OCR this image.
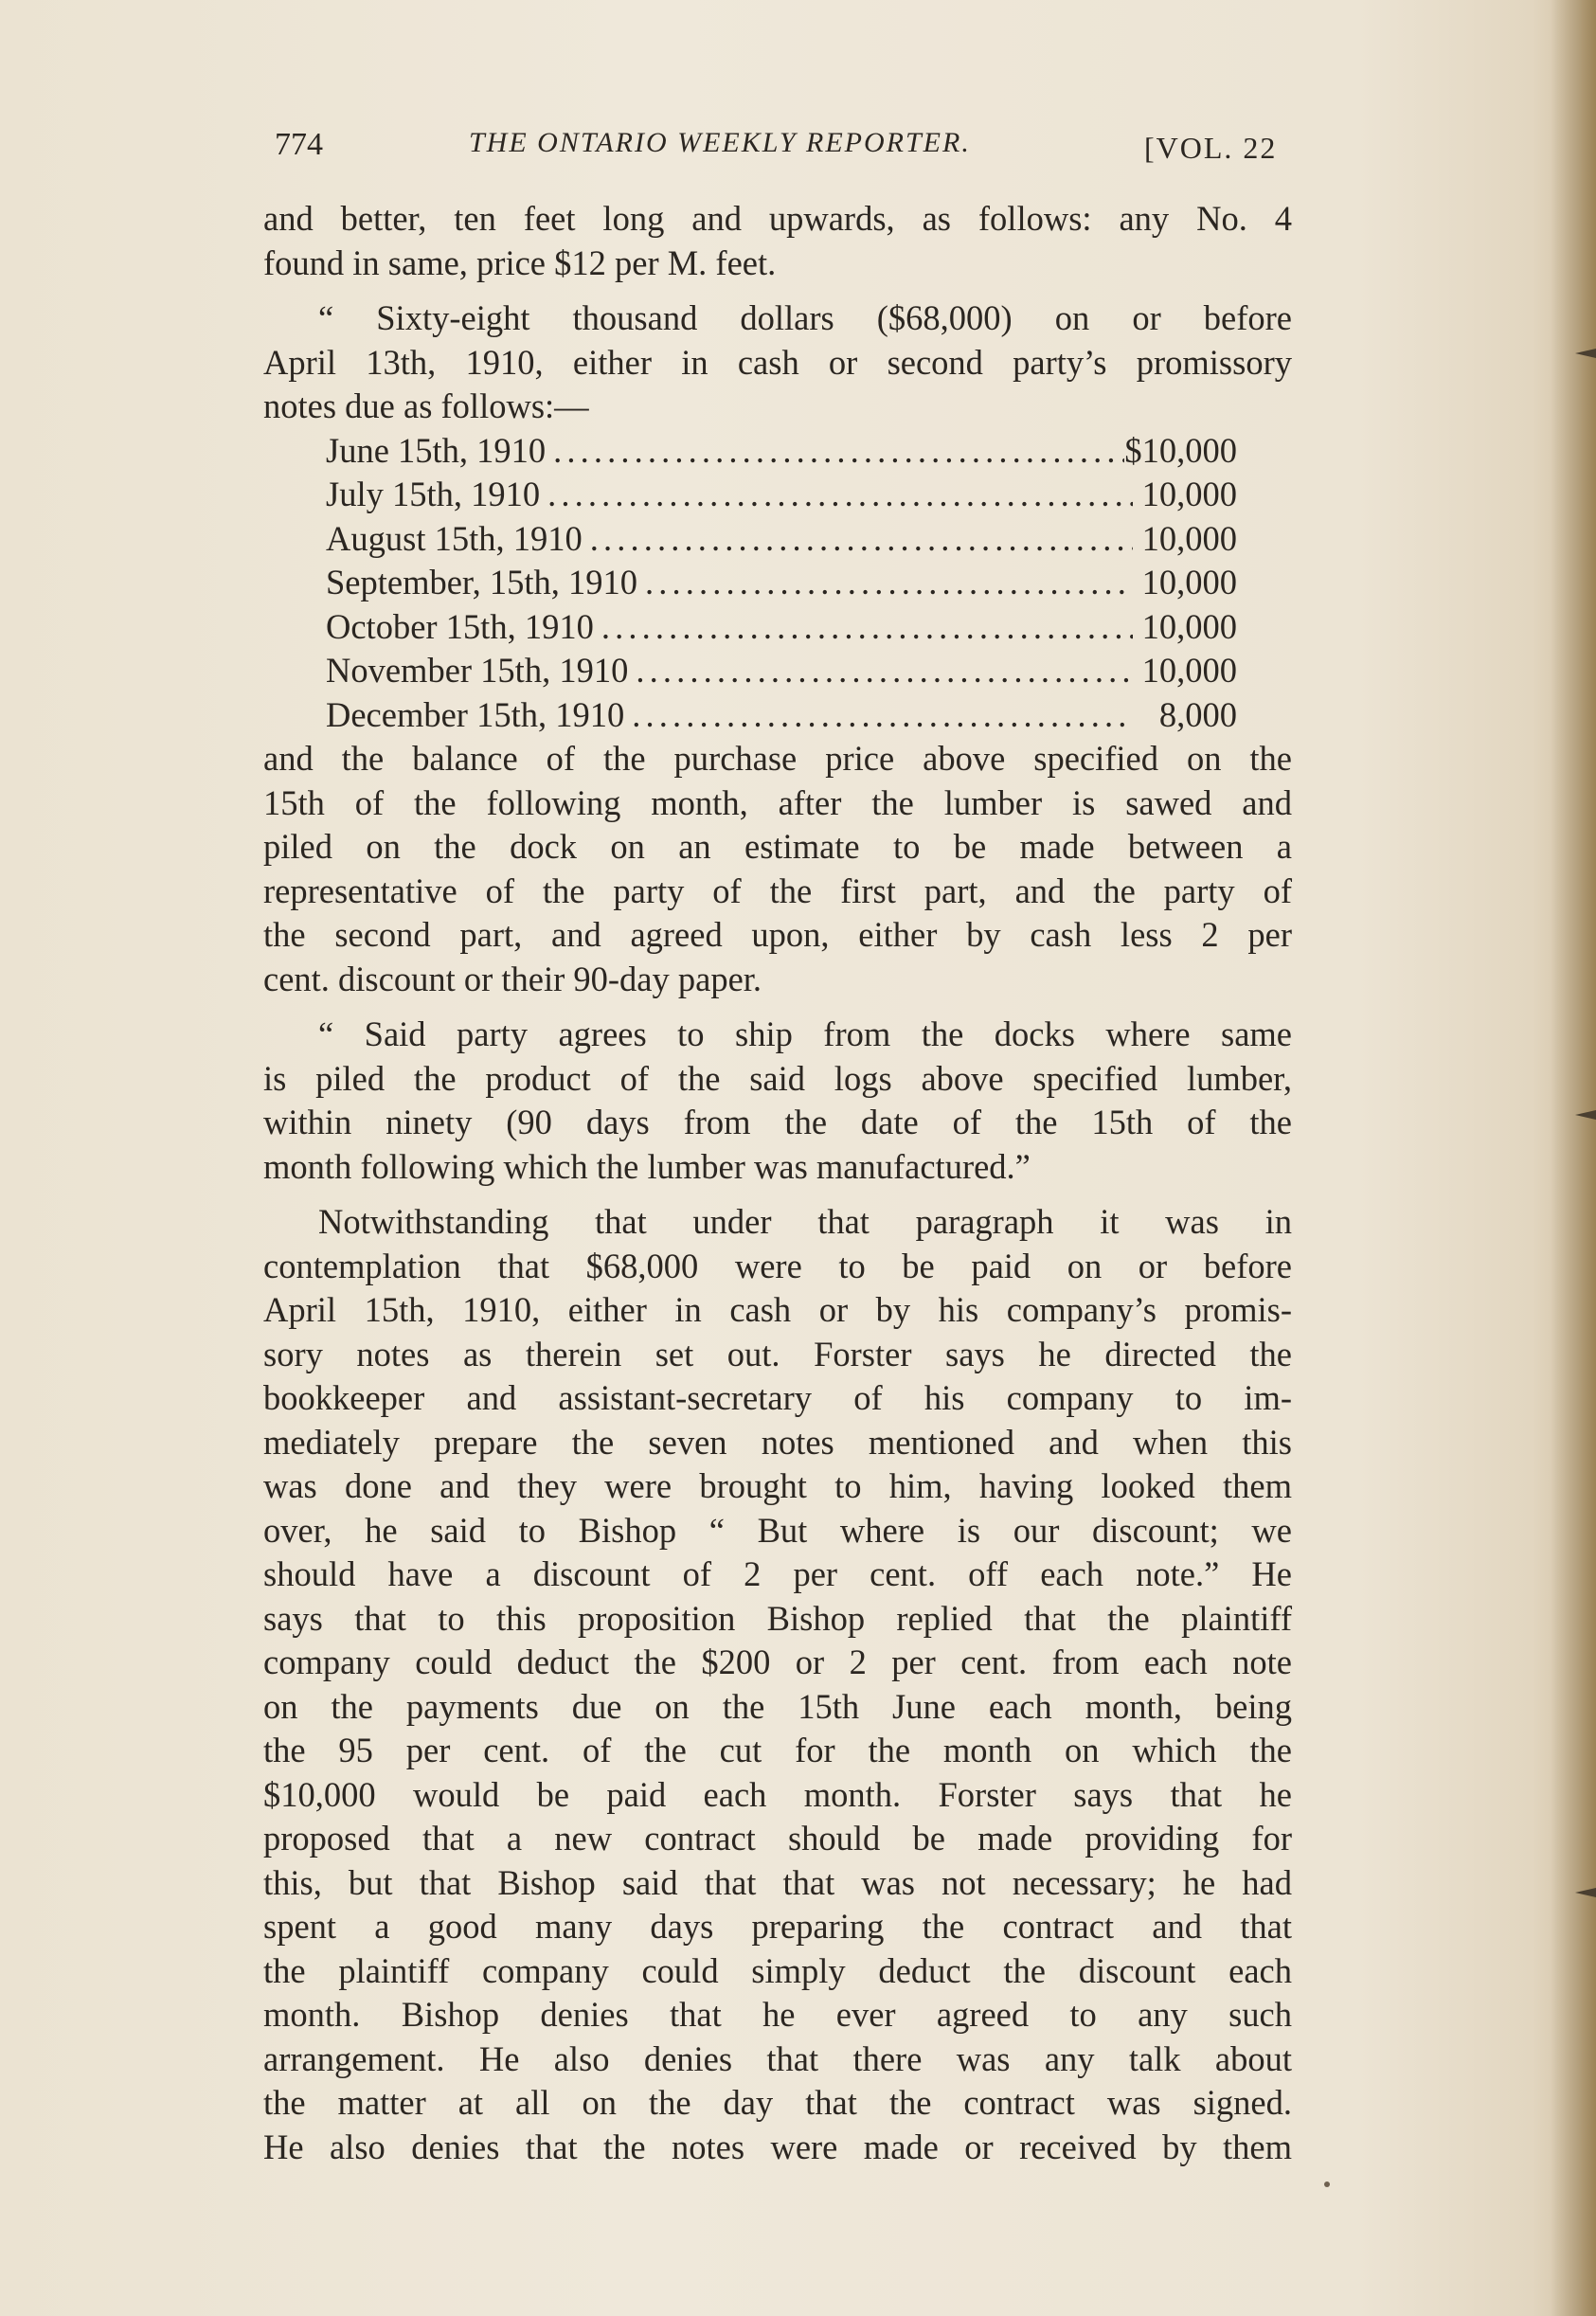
774	THE ONTARIO WEEKLY REPORTER.	[VOL. 22
and better, ten feet long and upwards, as follows: any No. 4
found in same, price $12 per M. feet.
“ Sixty-eight thousand dollars ($68,000) on or before
April 13th, 1910, either in cash or second party’s promissory
notes due as follows:—
June 15th, 1910 . . .	$10,000
July 15th, 1910 . . .	10,000
August 15th, 1910 . . .	10,000
September, 15th, 1910 . . .	10,000
October 15th, 1910 . . .	10,000
November 15th, 1910 . . .	10,000
December 15th, 1910 . . .	8,000
and the balance of the purchase price above specified on the
15th of the following month, after the lumber is sawed and
piled on the dock on an estimate to be made between a
representative of the party of the first part, and the party of
the second part, and agreed upon, either by cash less 2 per
cent. discount or their 90-day paper.
“ Said party agrees to ship from the docks where same
is piled the product of the said logs above specified lumber,
within ninety (90 days from the date of the 15th of the
month following which the lumber was manufactured.”
Notwithstanding that under that paragraph it was in
contemplation that $68,000 were to be paid on or before
April 15th, 1910, either in cash or by his company’s promis-
sory notes as therein set out. Forster says he directed the
bookkeeper and assistant-secretary of his company to im-
mediately prepare the seven notes mentioned and when this
was done and they were brought to him, having looked them
over, he said to Bishop “ But where is our discount; we
should have a discount of 2 per cent. off each note.” He
says that to this proposition Bishop replied that the plaintiff
company could deduct the $200 or 2 per cent. from each note
on the payments due on the 15th June each month, being
the 95 per cent. of the cut for the month on which the
$10,000 would be paid each month. Forster says that he
proposed that a new contract should be made providing for
this, but that Bishop said that that was not necessary; he had
spent a good many days preparing the contract and that
the plaintiff company could simply deduct the discount each
month. Bishop denies that he ever agreed to any such
arrangement. He also denies that there was any talk about
the matter at all on the day that the contract was signed.
He also denies that the notes were made or received by them
